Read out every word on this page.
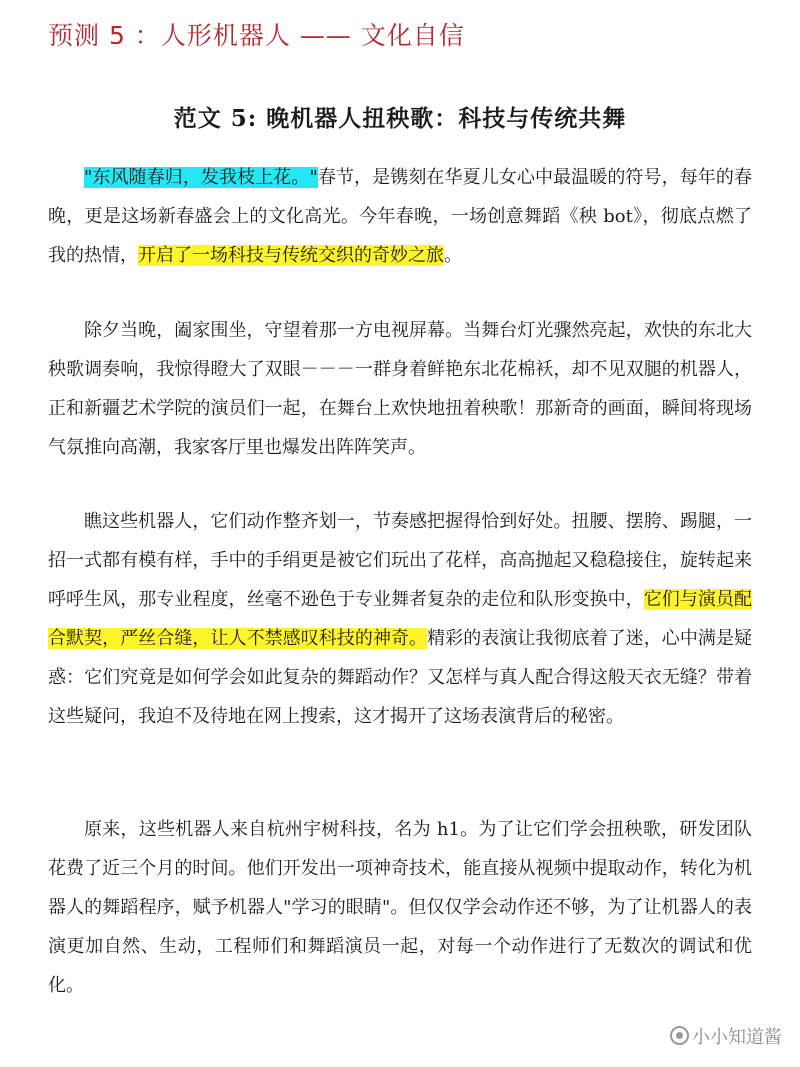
预测 5 ：人形机器人 —— 文化自信
范文 5: 晚机器人扭秧歌：科技与传统共舞

"东风随春归，发我枝上花。"春节，是镌刻在华夏儿女心中最温暖的符号，每年的春晚，更是这场新春盛会上的文化高光。今年春晚，一场创意舞蹈《秧 bot》，彻底点燃了我的热情，开启了一场科技与传统交织的奇妙之旅。

除夕当晚，阖家围坐，守望着那一方电视屏幕。当舞台灯光骤然亮起，欢快的东北大秧歌调奏响，我惊得瞪大了双眼－－－一群身着鲜艳东北花棉袄，却不见双腿的机器人，正和新疆艺术学院的演员们一起，在舞台上欢快地扭着秧歌！那新奇的画面，瞬间将现场气氛推向高潮，我家客厅里也爆发出阵阵笑声。

瞧这些机器人，它们动作整齐划一，节奏感把握得恰到好处。扭腰、摆胯、踢腿，一招一式都有模有样，手中的手绢更是被它们玩出了花样，高高抛起又稳稳接住，旋转起来呼呼生风，那专业程度，丝毫不逊色于专业舞者复杂的走位和队形变换中，它们与演员配合默契，严丝合缝，让人不禁感叹科技的神奇。精彩的表演让我彻底着了迷，心中满是疑惑：它们究竟是如何学会如此复杂的舞蹈动作？又怎样与真人配合得这般天衣无缝？带着这些疑问，我迫不及待地在网上搜索，这才揭开了这场表演背后的秘密。

原来，这些机器人来自杭州宇树科技，名为 h1。为了让它们学会扭秧歌，研发团队花费了近三个月的时间。他们开发出一项神奇技术，能直接从视频中提取动作，转化为机器人的舞蹈程序，赋予机器人"学习的眼睛"。但仅仅学会动作还不够，为了让机器人的表演更加自然、生动，工程师们和舞蹈演员一起，对每一个动作进行了无数次的调试和优化。

小小知道酱
